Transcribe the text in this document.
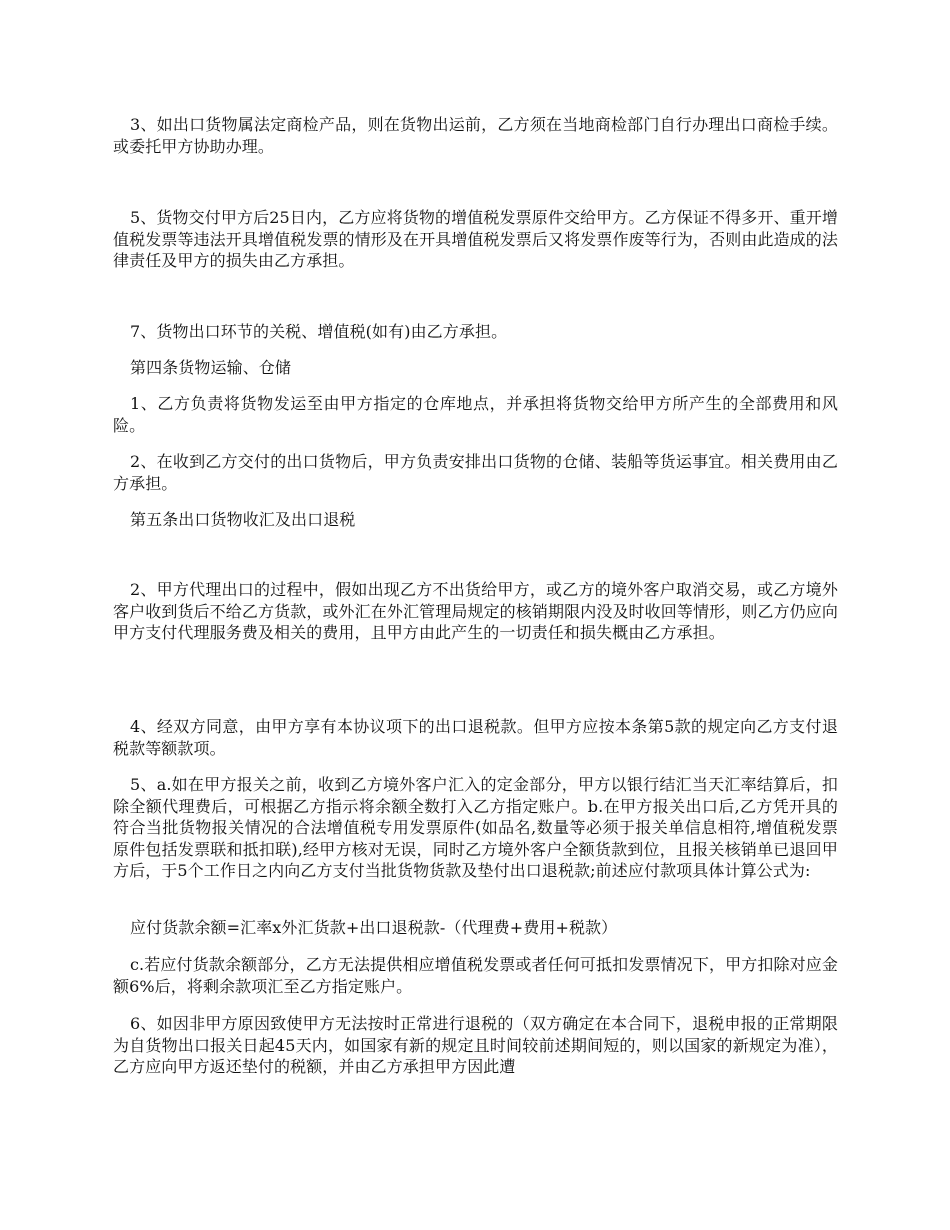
3、如出口货物属法定商检产品，则在货物出运前，乙方须在当地商检部门自行办理出口商检手续。或委托甲方协助办理。

5、货物交付甲方后25日内，乙方应将货物的增值税发票原件交给甲方。乙方保证不得多开、重开增值税发票等违法开具增值税发票的情形及在开具增值税发票后又将发票作废等行为，否则由此造成的法律责任及甲方的损失由乙方承担。

7、货物出口环节的关税、增值税(如有)由乙方承担。

第四条货物运输、仓储

1、乙方负责将货物发运至由甲方指定的仓库地点，并承担将货物交给甲方所产生的全部费用和风险。

2、在收到乙方交付的出口货物后，甲方负责安排出口货物的仓储、装船等货运事宜。相关费用由乙方承担。

第五条出口货物收汇及出口退税

2、甲方代理出口的过程中，假如出现乙方不出货给甲方，或乙方的境外客户取消交易，或乙方境外客户收到货后不给乙方货款，或外汇在外汇管理局规定的核销期限内没及时收回等情形，则乙方仍应向甲方支付代理服务费及相关的费用，且甲方由此产生的一切责任和损失概由乙方承担。

4、经双方同意，由甲方享有本协议项下的出口退税款。但甲方应按本条第5款的规定向乙方支付退税款等额款项。

5、a.如在甲方报关之前，收到乙方境外客户汇入的定金部分，甲方以银行结汇当天汇率结算后，扣除全额代理费后，可根据乙方指示将余额全数打入乙方指定账户。b.在甲方报关出口后,乙方凭开具的符合当批货物报关情况的合法增值税专用发票原件(如品名,数量等必须于报关单信息相符,增值税发票原件包括发票联和抵扣联),经甲方核对无误，同时乙方境外客户全额货款到位，且报关核销单已退回甲方后，于5个工作日之内向乙方支付当批货物货款及垫付出口退税款;前述应付款项具体计算公式为:

应付货款余额=汇率x外汇货款+出口退税款-（代理费+费用+税款）

c.若应付货款余额部分，乙方无法提供相应增值税发票或者任何可抵扣发票情况下，甲方扣除对应金额6%后，将剩余款项汇至乙方指定账户。

6、如因非甲方原因致使甲方无法按时正常进行退税的（双方确定在本合同下，退税申报的正常期限为自货物出口报关日起45天内，如国家有新的规定且时间较前述期间短的，则以国家的新规定为准），乙方应向甲方返还垫付的税额，并由乙方承担甲方因此遭
